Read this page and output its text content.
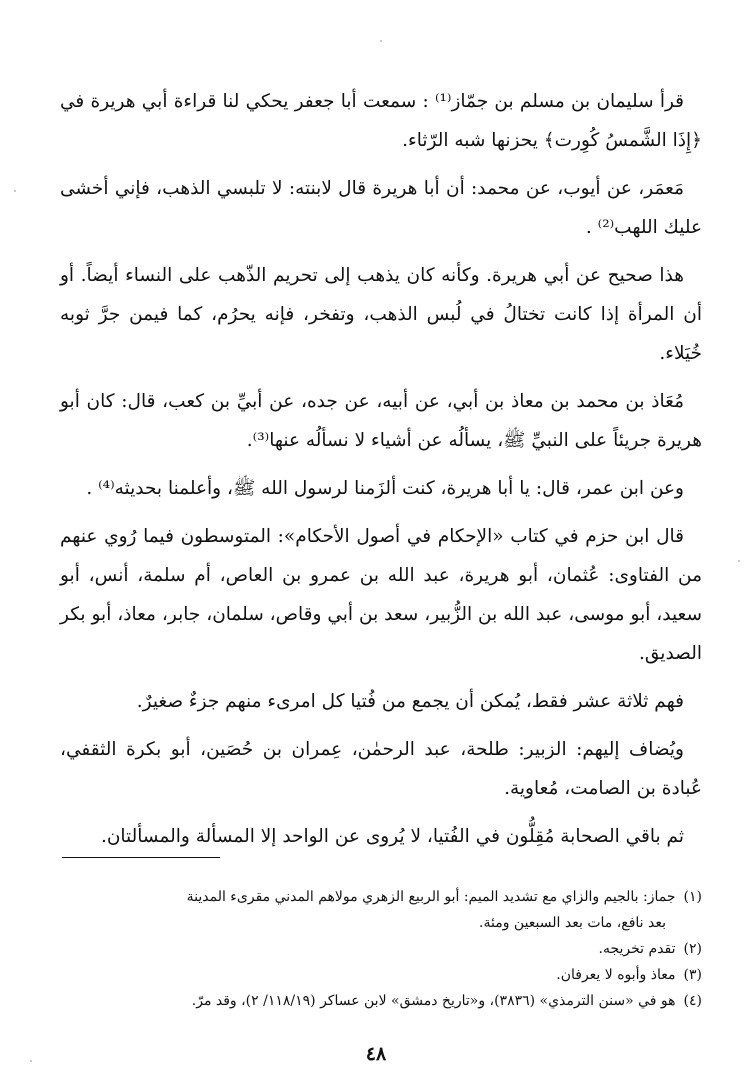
قرأ سليمان بن مسلم بن جمّاز⁽¹⁾ : سمعت أبا جعفر يحكي لنا قراءة أبي هريرة في ﴿إِذَا الشَّمسُ كُوِرت﴾ يحزنها شبه الرّثاء.

مَعمَر، عن أيوب، عن محمد: أن أبا هريرة قال لابنته: لا تلبسي الذهب، فإني أخشى عليك اللهب⁽²⁾ .

هذا صحيح عن أبي هريرة. وكأنه كان يذهب إلى تحريم الذّهب على النساء أيضاً. أو أن المرأة إذا كانت تختالُ في لُبس الذهب، وتفخر، فإنه يحرُم، كما فيمن جرَّ ثوبه خُيَلاء.

مُعَاذ بن محمد بن معاذ بن أبي، عن أبيه، عن جده، عن أبيِّ بن كعب، قال: كان أبو هريرة جريئاً على النبيِّ ﷺ، يسألُه عن أشياء لا نسألُه عنها⁽³⁾.

وعن ابن عمر، قال: يا أبا هريرة، كنت ألزَمنا لرسول الله ﷺ، وأعلمنا بحديثه⁽⁴⁾ .

قال ابن حزم في كتاب «الإحكام في أصول الأحكام»: المتوسطون فيما رُوي عنهم من الفتاوى: عُثمان، أبو هريرة، عبد الله بن عمرو بن العاص، أم سلمة، أنس، أبو سعيد، أبو موسى، عبد الله بن الزُّبير، سعد بن أبي وقاص، سلمان، جابر، معاذ، أبو بكر الصديق.

فهم ثلاثة عشر فقط، يُمكن أن يجمع من فُتيا كل امرىء منهم جزءٌ صغيرٌ.

ويُضاف إليهم: الزبير: طلحة، عبد الرحمٰن، عِمران بن حُصَين، أبو بكرة الثقفي، عُبادة بن الصامت، مُعاوية.

ثم باقي الصحابة مُقِلُّون في الفُتيا، لا يُروى عن الواحد إلا المسألة والمسألتان.

(١)جماز: بالجيم والزاي مع تشديد الميم: أبو الربيع الزهري مولاهم المدني مقرىء المدينة

بعد نافع، مات بعد السبعين ومئة.

(٢)تقدم تخريجه.

(٣)معاذ وأبوه لا يعرفان.

(٤)هو في «سنن الترمذي» (٣٨٣٦)، و«تاريخ دمشق» لابن عساكر (١١٨/١٩/ ٢)، وقد مرّ.

٤٨
